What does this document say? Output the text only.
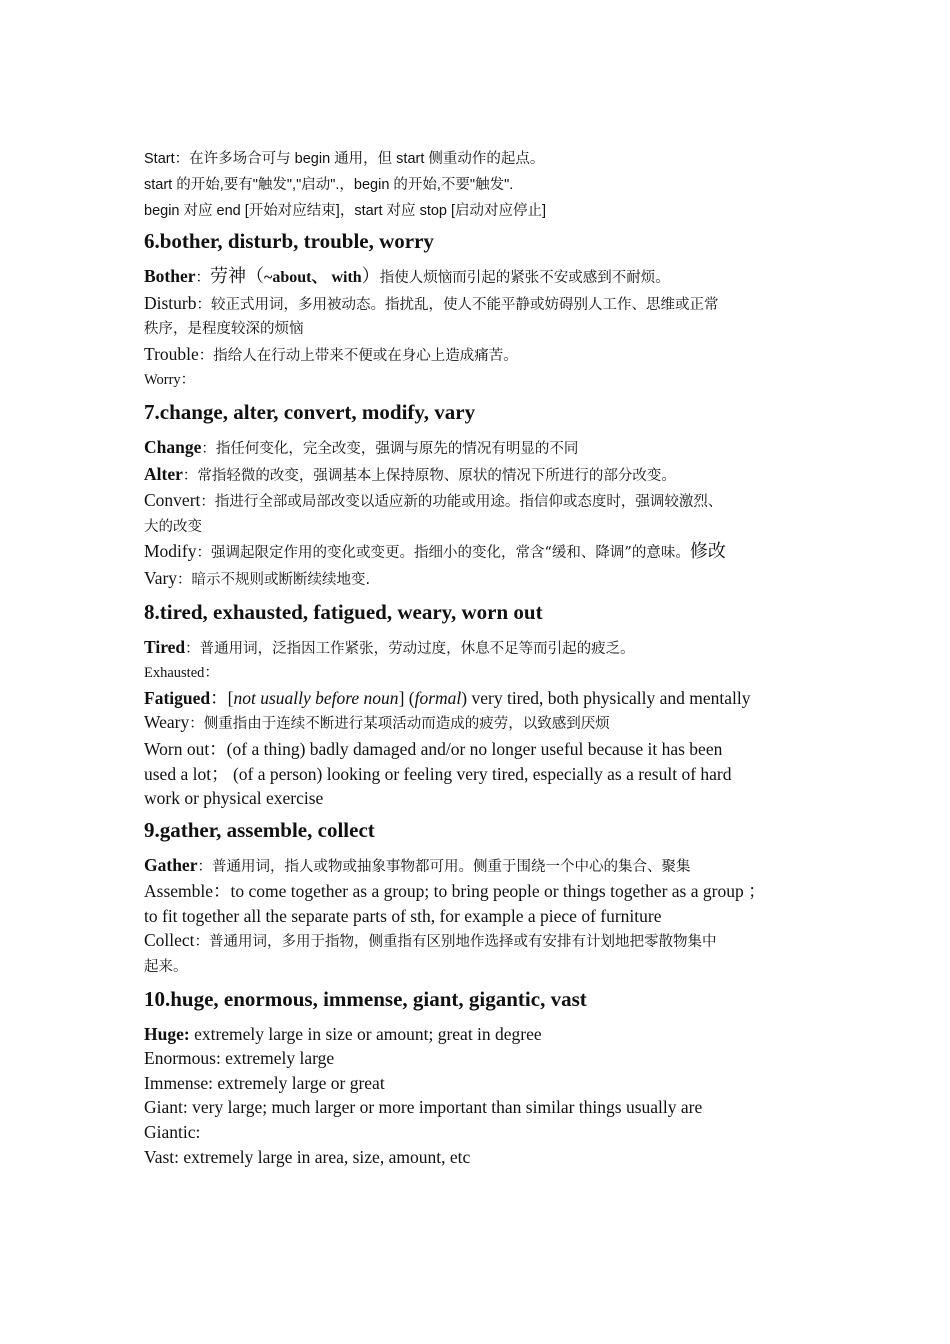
Start：在许多场合可与 begin 通用，但 start 侧重动作的起点。
start 的开始,要有"触发","启动".，begin 的开始,不要"触发".
begin 对应 end [开始对应结束]，start 对应 stop [启动对应停止]
6.bother, disturb, trouble, worry
Bother：劳神（~about、 with）指使人烦恼而引起的紧张不安或感到不耐烦。
Disturb：较正式用词，多用被动态。指扰乱，使人不能平静或妨碍别人工作、思维或正常
秩序，是程度较深的烦恼
Trouble：指给人在行动上带来不便或在身心上造成痛苦。
Worry：
7.change, alter, convert, modify, vary
Change：指任何变化，完全改变，强调与原先的情况有明显的不同
Alter：常指轻微的改变，强调基本上保持原物、原状的情况下所进行的部分改变。
Convert：指进行全部或局部改变以适应新的功能或用途。指信仰或态度时，强调较激烈、
大的改变
Modify：强调起限定作用的变化或变更。指细小的变化，常含“缓和、降调”的意味。修改
Vary：暗示不规则或断断续续地变.
8.tired, exhausted, fatigued, weary, worn out
Tired：普通用词，泛指因工作紧张，劳动过度，休息不足等而引起的疲乏。
Exhausted：
Fatigued：[not usually before noun] (formal) very tired, both physically and mentally
Weary：侧重指由于连续不断进行某项活动而造成的疲劳，以致感到厌烦
Worn out：(of a thing) badly damaged and/or no longer useful because it has been
used a lot； (of a person) looking or feeling very tired, especially as a result of hard
work or physical exercise
9.gather, assemble, collect
Gather：普通用词，指人或物或抽象事物都可用。侧重于围绕一个中心的集合、聚集
Assemble：to come together as a group; to bring people or things together as a group ；
to fit together all the separate parts of sth, for example a piece of furniture
Collect：普通用词，多用于指物，侧重指有区别地作选择或有安排有计划地把零散物集中
起来。
10.huge, enormous, immense, giant, gigantic, vast
Huge: extremely large in size or amount; great in degree
Enormous: extremely large
Immense: extremely large or great
Giant: very large; much larger or more important than similar things usually are
Giantic:
Vast: extremely large in area, size, amount, etc
